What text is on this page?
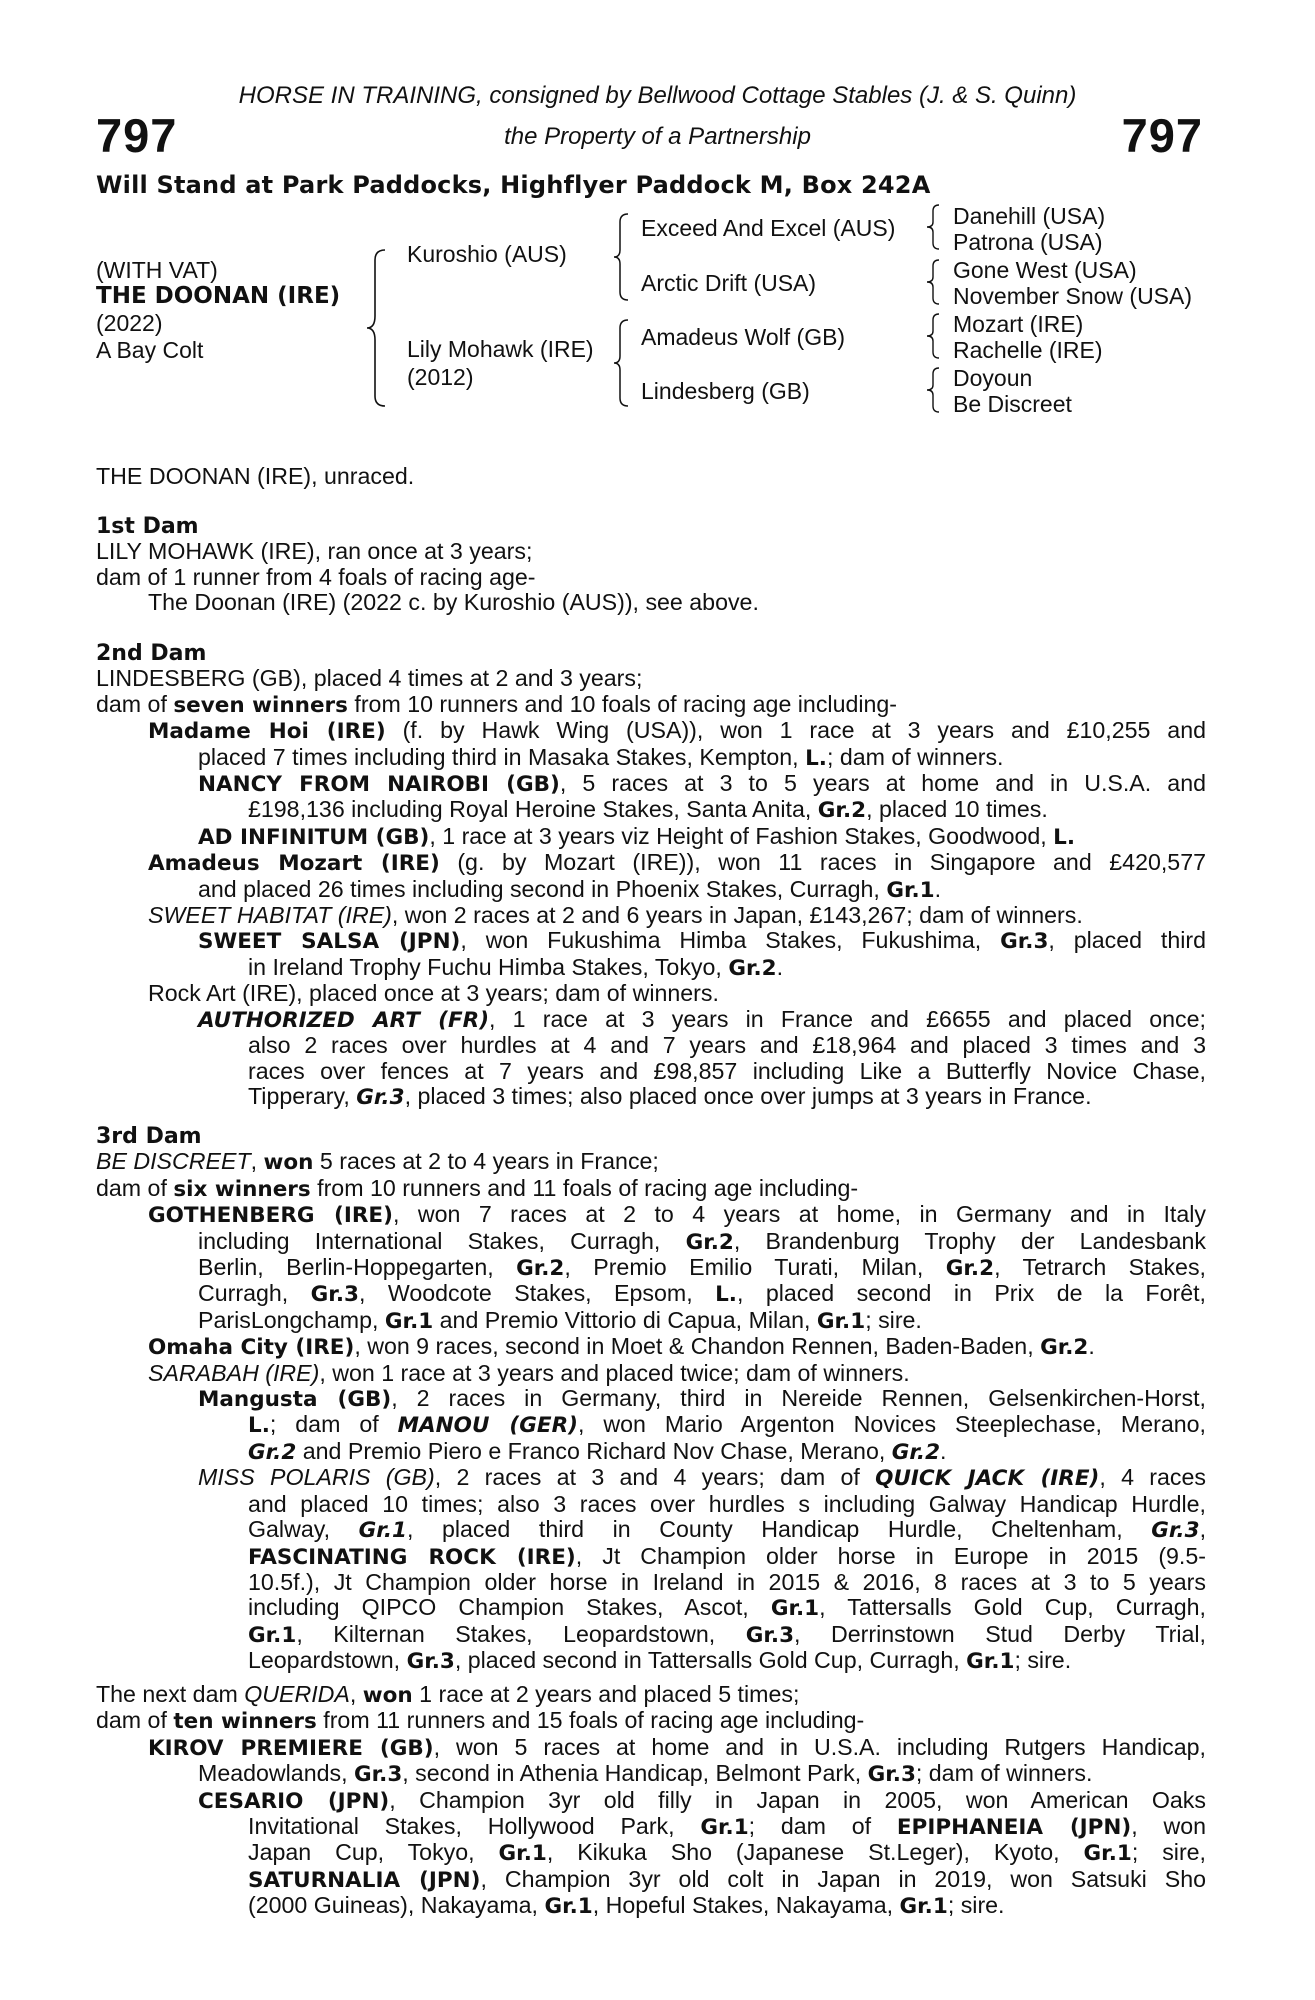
HORSE IN TRAINING, consigned by Bellwood Cottage Stables (J. & S. Quinn)
797	the Property of a Partnership	797
Will Stand at Park Paddocks, Highflyer Paddock M, Box 242A
(WITH VAT)
THE DOONAN (IRE)
(2022)
A Bay Colt
Kuroshio (AUS)
Lily Mohawk (IRE)
(2012)
Exceed And Excel (AUS)
Arctic Drift (USA)
Amadeus Wolf (GB)
Lindesberg (GB)
Danehill (USA)
Patrona (USA)
Gone West (USA)
November Snow (USA)
Mozart (IRE)
Rachelle (IRE)
Doyoun
Be Discreet
THE DOONAN (IRE), unraced.
1st Dam
LILY MOHAWK (IRE), ran once at 3 years;
dam of 1 runner from 4 foals of racing age-
The Doonan (IRE) (2022 c. by Kuroshio (AUS)), see above.
2nd Dam
LINDESBERG (GB), placed 4 times at 2 and 3 years;
dam of seven winners from 10 runners and 10 foals of racing age including-
Madame Hoi (IRE) (f. by Hawk Wing (USA)), won 1 race at 3 years and £10,255 and
placed 7 times including third in Masaka Stakes, Kempton, L.; dam of winners.
NANCY FROM NAIROBI (GB), 5 races at 3 to 5 years at home and in U.S.A. and
£198,136 including Royal Heroine Stakes, Santa Anita, Gr.2, placed 10 times.
AD INFINITUM (GB), 1 race at 3 years viz Height of Fashion Stakes, Goodwood, L.
Amadeus Mozart (IRE) (g. by Mozart (IRE)), won 11 races in Singapore and £420,577
and placed 26 times including second in Phoenix Stakes, Curragh, Gr.1.
SWEET HABITAT (IRE), won 2 races at 2 and 6 years in Japan, £143,267; dam of winners.
SWEET SALSA (JPN), won Fukushima Himba Stakes, Fukushima, Gr.3, placed third
in Ireland Trophy Fuchu Himba Stakes, Tokyo, Gr.2.
Rock Art (IRE), placed once at 3 years; dam of winners.
AUTHORIZED ART (FR), 1 race at 3 years in France and £6655 and placed once;
also 2 races over hurdles at 4 and 7 years and £18,964 and placed 3 times and 3
races over fences at 7 years and £98,857 including Like a Butterfly Novice Chase,
Tipperary, Gr.3, placed 3 times; also placed once over jumps at 3 years in France.
3rd Dam
BE DISCREET, won 5 races at 2 to 4 years in France;
dam of six winners from 10 runners and 11 foals of racing age including-
GOTHENBERG (IRE), won 7 races at 2 to 4 years at home, in Germany and in Italy
including International Stakes, Curragh, Gr.2, Brandenburg Trophy der Landesbank
Berlin, Berlin-Hoppegarten, Gr.2, Premio Emilio Turati, Milan, Gr.2, Tetrarch Stakes,
Curragh, Gr.3, Woodcote Stakes, Epsom, L., placed second in Prix de la Forêt,
ParisLongchamp, Gr.1 and Premio Vittorio di Capua, Milan, Gr.1; sire.
Omaha City (IRE), won 9 races, second in Moet & Chandon Rennen, Baden-Baden, Gr.2.
SARABAH (IRE), won 1 race at 3 years and placed twice; dam of winners.
Mangusta (GB), 2 races in Germany, third in Nereide Rennen, Gelsenkirchen-Horst,
L.; dam of MANOU (GER), won Mario Argenton Novices Steeplechase, Merano,
Gr.2 and Premio Piero e Franco Richard Nov Chase, Merano, Gr.2.
MISS POLARIS (GB), 2 races at 3 and 4 years; dam of QUICK JACK (IRE), 4 races
and placed 10 times; also 3 races over hurdles s including Galway Handicap Hurdle,
Galway, Gr.1, placed third in County Handicap Hurdle, Cheltenham, Gr.3,
FASCINATING ROCK (IRE), Jt Champion older horse in Europe in 2015 (9.5-
10.5f.), Jt Champion older horse in Ireland in 2015 & 2016, 8 races at 3 to 5 years
including QIPCO Champion Stakes, Ascot, Gr.1, Tattersalls Gold Cup, Curragh,
Gr.1, Kilternan Stakes, Leopardstown, Gr.3, Derrinstown Stud Derby Trial,
Leopardstown, Gr.3, placed second in Tattersalls Gold Cup, Curragh, Gr.1; sire.
The next dam QUERIDA, won 1 race at 2 years and placed 5 times;
dam of ten winners from 11 runners and 15 foals of racing age including-
KIROV PREMIERE (GB), won 5 races at home and in U.S.A. including Rutgers Handicap,
Meadowlands, Gr.3, second in Athenia Handicap, Belmont Park, Gr.3; dam of winners.
CESARIO (JPN), Champion 3yr old filly in Japan in 2005, won American Oaks
Invitational Stakes, Hollywood Park, Gr.1; dam of EPIPHANEIA (JPN), won
Japan Cup, Tokyo, Gr.1, Kikuka Sho (Japanese St.Leger), Kyoto, Gr.1; sire,
SATURNALIA (JPN), Champion 3yr old colt in Japan in 2019, won Satsuki Sho
(2000 Guineas), Nakayama, Gr.1, Hopeful Stakes, Nakayama, Gr.1; sire.
